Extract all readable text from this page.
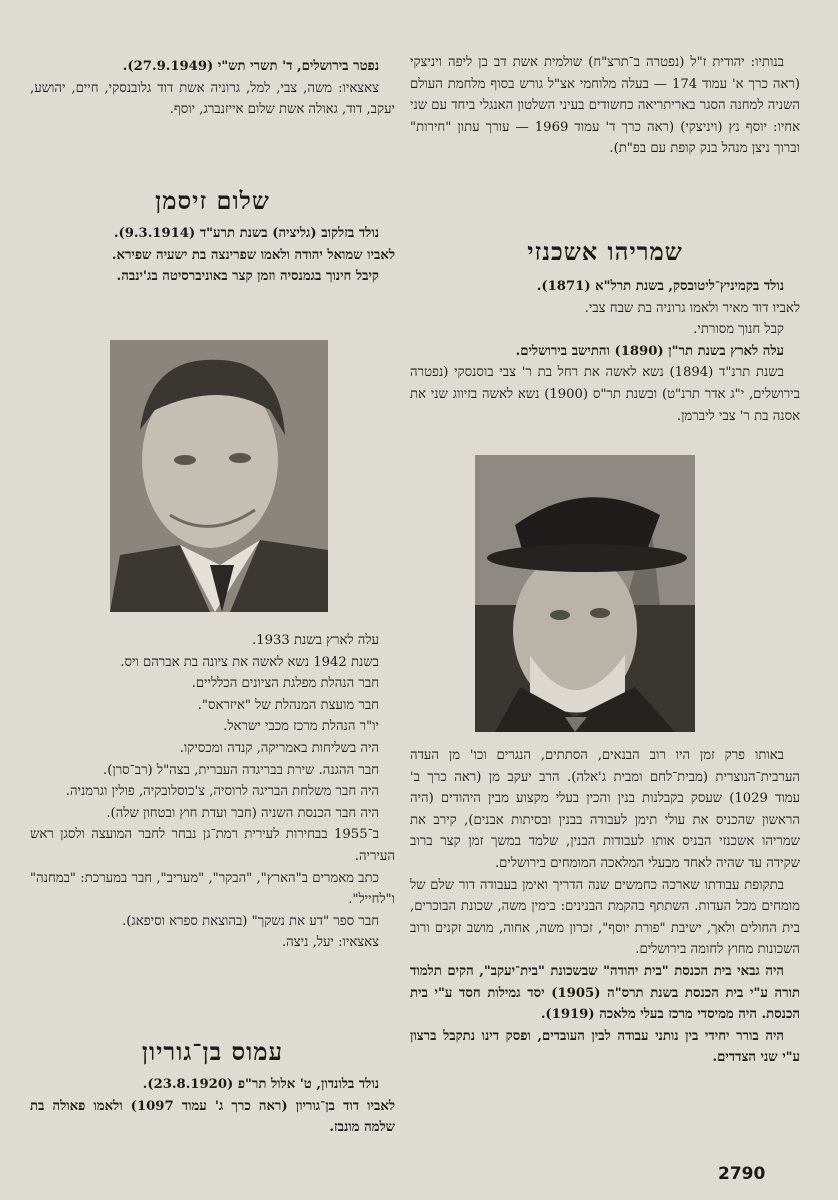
בנותיו: יהודית ז"ל (נפטרה ב־תרצ"ח) שולמית אשת דב בן ליפה ויניצקי (ראה כרך א' עמוד 174 — בעלה מלוחמי אצ"ל גורש בסוף מלחמת העולם השניה למחנה הסגר באריתריאה כחשודים בעיני השלטון האנגלי ביחד עם שני אחיו: יוסף נץ (ויניצקי) (ראה כרך ד' עמוד 1969 — עורך עתון "חירות" וברוך ניצן מנהל בנק קופת עם בפ"ת).

שמריהו אשכנזי

נולד בקמיניץ־ליטובסק, בשנת תרל"א (1871).

לאביו דוד מאיר ולאמו גרוניה בת שבח צבי.

קבל חנוך מסורתי.

עלה לארץ בשנת תר"ן (1890) והתישב בירושלים.

בשנת תרנ"ד (1894) נשא לאשה את רחל בת ר' צבי בוסנסקי (נפטרה בירושלים, י"ג אדר תרנ"ט) ובשנת תר"ס (1900) נשא לאשה בזיווג שני את אסנה בת ר' צבי ליברמן.

באותו פרק זמן היו רוב הבנאים, הסתתים, הנגרים וכו' מן העדה הערבית־הנוצרית (מבית־לחם ומבית ג'אלה). הרב יעקב מן (ראה כרך ב' עמוד 1029) שעסק בקבלנות בנין והכין בעלי מקצוע מבין היהודים (היה הראשון שהכניס את עולי תימן לעבודה בבנין ובסיתות אבנים), קירב את שמריהו אשכנזי הבניס אותו לעבודות הבנין, שלמד במשך זמן קצר ברוב שקידה עד שהיה לאחד מבעלי המלאכה המומחים בירושלים.

בתקופת עבודתו שארכה כחמשים שנה הדריך ואימן בעבודה דור שלם של מומחים מכל העדות. השתתף בהקמת הבנינים: בימין משה, שכונת הבוכרים, בית החולים ולאך, ישיבת "פורת יוסף", זכרון משה, אחוה, מושב זקנים ורוב השכונות מחוץ לחומה בירושלים.

היה גבאי בית הכנסת "בית יהודה" שבשכונת "בית־יעקב", הקים תלמוד תורה ע"י בית הכנסת בשנת תרס"ה (1905) יסד גמילות חסד ע"י בית הכנסת. היה ממיסדי מרכז בעלי מלאכה (1919).

היה בורר יחידי בין נותני עבודה לבין העובדים, ופסק דינו נתקבל ברצון ע"י שני הצדדים.

נפטר בירושלים, ד' תשרי תש"י (27.9.1949).

צאצאיו: משה, צבי, למל, גרוניה אשת דוד גלובנסקי, חיים, יהושע, יעקב, דוד, גאולה אשת שלום אייזנברג, יוסף.

שלום זיסמן

נולד בזלקוב (גליציה) בשנת תרע"ד (9.3.1914).

לאביו שמואל יהודה ולאמו שפרינצה בת ישעיה שפירא.

קיבל חינוך בגמנסיה וזמן קצר באוניברסיטה בג'ינבה.

עלה לארץ בשנת 1933.

בשנת 1942 נשא לאשה את ציונה בת אברהם ויס.

חבר הנהלת מפלגת הציונים הכלליים.

חבר מועצת המנהלת של "איזראס".

יו"ר הנהלת מרכז מכבי ישראל.

היה בשליחות באמריקה, קנדה ומכסיקו.

חבר ההגנה. שירת בבריגדה העברית, בצה"ל (רב־סרן).

היה חבר משלחת הבריגה לרוסיה, צ'כוסלובקיה, פולין וגרמניה.

היה חבר הכנסת השניה (חבר ועדת חוץ ובטחון שלה).

ב־1955 בבחירות לעירית רמת־גן נבחר לחבר המועצה ולסגן ראש העיריה.

כתב מאמרים ב"הארץ", "הבקר", "מעריב", חבר במערכת: "במחנה" ו"לחייל".

חבר ספר "דע את נשקך" (בהוצאת ספרא וסיפאג).

צאצאיו: יעל, ניצה.

עמוס בן־גוריון

נולד בלונדון, ט' אלול תר"פ (23.8.1920).

לאביו דוד בן־גוריון (ראה כרך ג' עמוד 1097) ולאמו פאולה בת שלמה מונבז.

2790
